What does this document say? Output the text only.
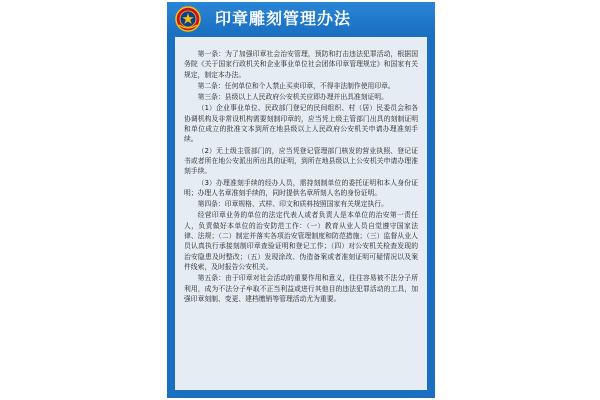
印章雕刻管理办法

第一条：为了加强印章社会治安管理，预防和打击违法犯罪活动，根据国务院《关于国家行政机关和企业事业单位社会团体印章管理规定》和国家有关规定，制定本办法。

第二条：任何单位和个人禁止买卖印章，不得非法制作使用印章。

第三条：县级以上人民政府公安机关应即办理并出具准刻证明。

（1）企业事业单位、民政部门登记的民间组织、村（居）民委员会和各协调机构及非常设机构需要刻制印章的，应当凭上级主管部门出具的刻制证明和单位成立的批准文本到所在地县级以上人民政府公安机关申请办理准刻手续。

（2）无上级主管部门的，应当凭登记管理部门核发的营业执照、登记证书或者所在地公安派出所出具的证明，到所在地县级以上公安机关申请办理准刻手续。

（3）办理准刻手续的经办人员，需持刻制单位的委托证明和本人身份证明；办理人名章准刻手续的，同时提供名章所刻人名的身份证明。

第四条：印章规格、式样、印文和质料按照国家有关规定执行。

经营印章业务的单位的法定代表人或者负责人是本单位的治安第一责任人，负责做好本单位的治安防范工作：（一）教育从业人员自觉遵守国家法律、法规；（二）制定并落实各项治安管理制度和防范措施；（三）监督从业人员认真执行承接刻制印章查验证明和登记工作；（四）对公安机关检查发现的治安隐患及时整改；（五）发现涂改、伪造备案或者准刻证明可疑情况以及案件线索，及时报告公安机关。

第五条：由于印章对社会活动的重要作用和意义，往往容易被不法分子所利用，成为不法分子牟取不正当利益或进行其他目的违法犯罪活动的工具，加强印章刻制、变更、建档缴销等管理活动尤为重要。
